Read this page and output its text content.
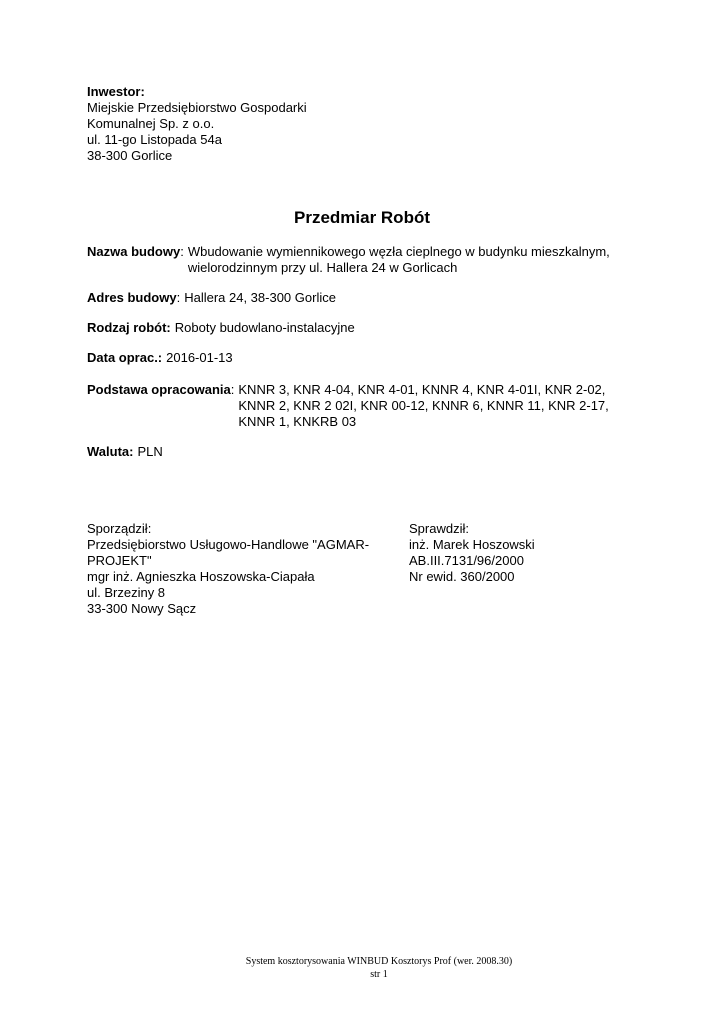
Inwestor:
Miejskie Przedsiębiorstwo Gospodarki
Komunalnej Sp. z o.o.
ul. 11-go Listopada 54a
38-300 Gorlice
Przedmiar Robót
Nazwa budowy : Wbudowanie wymiennikowego węzła cieplnego w budynku mieszkalnym,
wielorodzinnym przy ul. Hallera 24 w Gorlicach
Adres budowy : Hallera 24, 38-300 Gorlice
Rodzaj robót: Roboty budowlano-instalacyjne
Data oprac.: 2016-01-13
Podstawa opracowania : KNNR 3, KNR 4-04, KNR 4-01, KNNR 4, KNR 4-01I, KNR 2-02,
KNNR 2, KNR 2 02I, KNR 00-12, KNNR 6, KNNR 11, KNR 2-17,
KNNR 1, KNKRB 03
Waluta: PLN
Sporządził:
Przedsiębiorstwo Usługowo-Handlowe "AGMAR-
PROJEKT"
mgr inż. Agnieszka Hoszowska-Ciapała
ul. Brzeziny 8
33-300 Nowy Sącz
Sprawdził:
inż. Marek Hoszowski
AB.III.7131/96/2000
Nr ewid. 360/2000
System kosztorysowania WINBUD Kosztorys Prof (wer. 2008.30)
str 1
